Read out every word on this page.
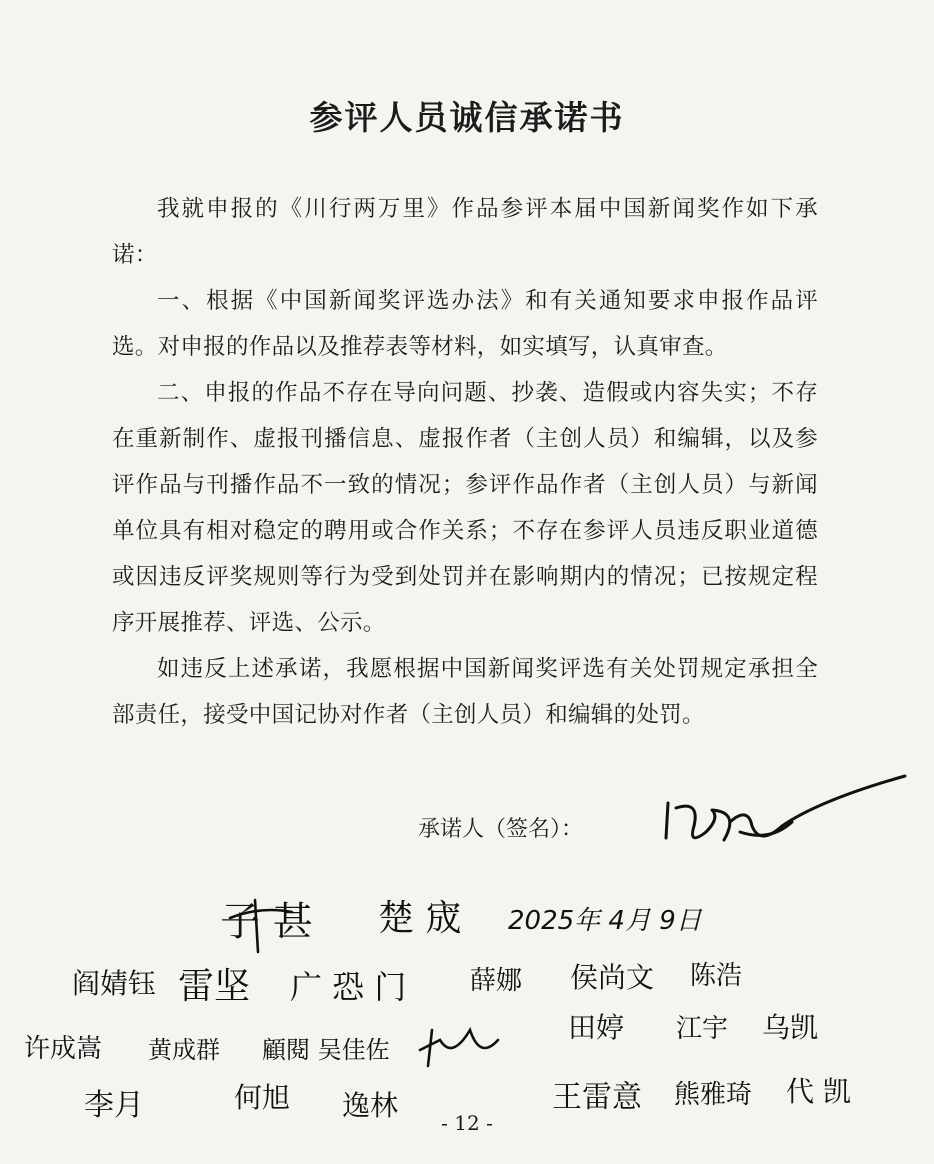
参评人员诚信承诺书

我就申报的《川行两万里》作品参评本届中国新闻奖作如下承诺：

一、根据《中国新闻奖评选办法》和有关通知要求申报作品评选。对申报的作品以及推荐表等材料，如实填写，认真审查。

二、申报的作品不存在导向问题、抄袭、造假或内容失实；不存在重新制作、虚报刊播信息、虚报作者（主创人员）和编辑，以及参评作品与刊播作品不一致的情况；参评作品作者（主创人员）与新闻单位具有相对稳定的聘用或合作关系；不存在参评人员违反职业道德或因违反评奖规则等行为受到处罚并在影响期内的情况；已按规定程序开展推荐、评选、公示。

如违反上述承诺，我愿根据中国新闻奖评选有关处罚规定承担全部责任，接受中国记协对作者（主创人员）和编辑的处罚。

承诺人（签名）：
子 甚 楚 宬 2025年 4月 9日
阎婧钰 雷坚 广 恐 门 薛娜 侯尚文 陈浩
许成嵩 黄成群 顧閱 吴佳佐
田婷 江宇 乌凯
李月	何旭 逸林	王雷意 熊雅琦 代 凯
- 12 -
